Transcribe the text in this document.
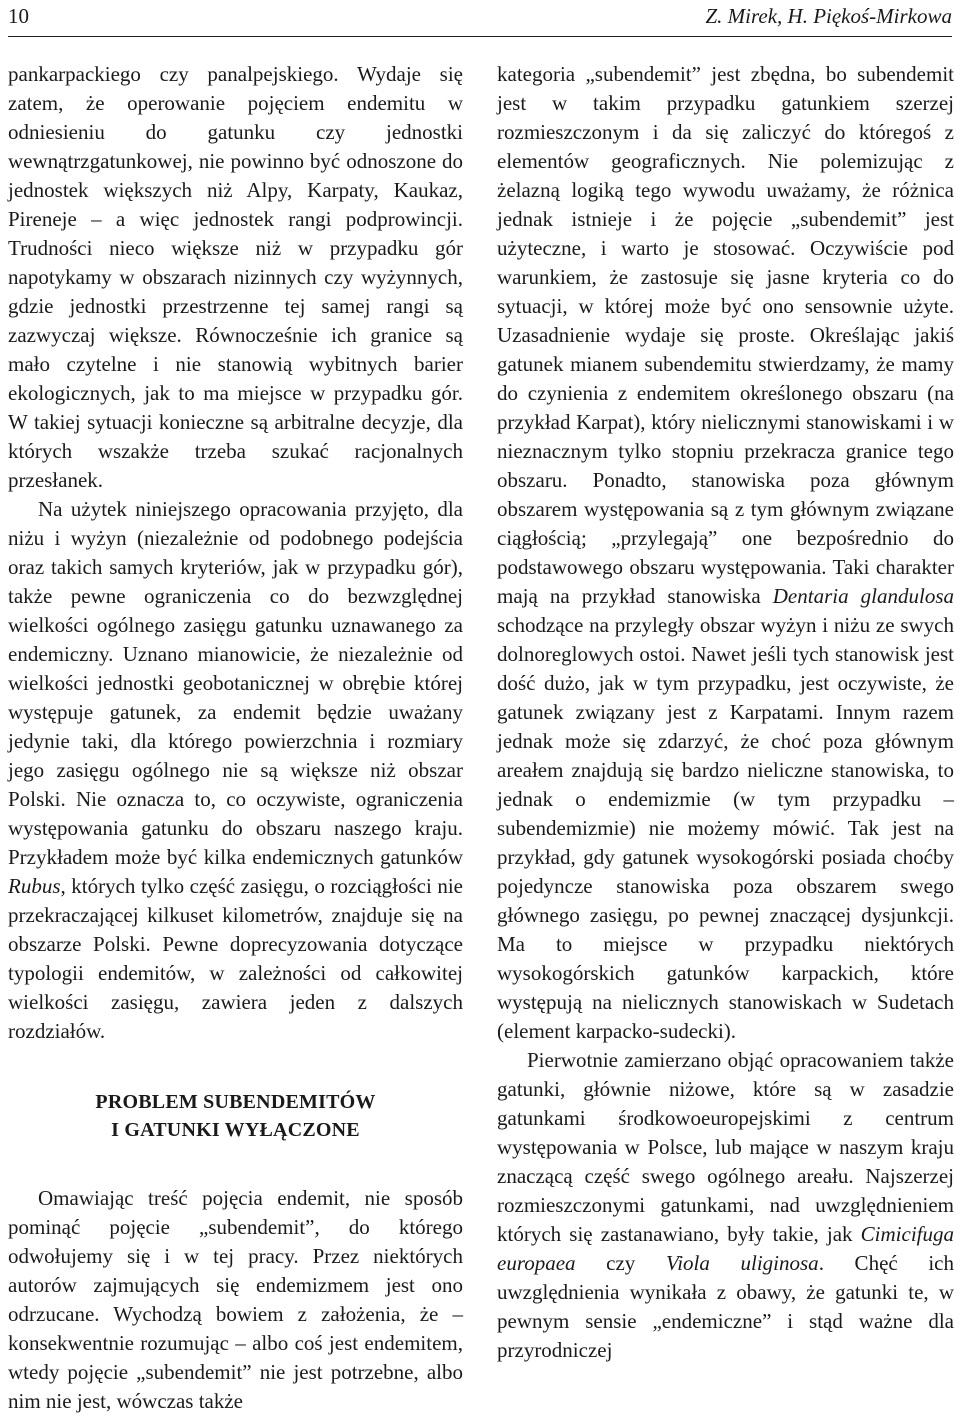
10	Z. Mirek, H. Piękoś-Mirkowa

pankarpackiego czy panalpejskiego. Wydaje się zatem, że operowanie pojęciem endemitu w odniesieniu do gatunku czy jednostki wewnątrzgatunkowej, nie powinno być odnoszone do jednostek większych niż Alpy, Karpaty, Kaukaz, Pireneje – a więc jednostek rangi podprowincji. Trudności nieco większe niż w przypadku gór napotykamy w obszarach nizinnych czy wyżynnych, gdzie jednostki przestrzenne tej samej rangi są zazwyczaj większe. Równocześnie ich granice są mało czytelne i nie stanowią wybitnych barier ekologicznych, jak to ma miejsce w przypadku gór. W takiej sytuacji konieczne są arbitralne decyzje, dla których wszakże trzeba szukać racjonalnych przesłanek.

Na użytek niniejszego opracowania przyjęto, dla niżu i wyżyn (niezależnie od podobnego podejścia oraz takich samych kryteriów, jak w przypadku gór), także pewne ograniczenia co do bezwzględnej wielkości ogólnego zasięgu gatunku uznawanego za endemiczny. Uznano mianowicie, że niezależnie od wielkości jednostki geobotanicznej w obrębie której występuje gatunek, za endemit będzie uważany jedynie taki, dla którego powierzchnia i rozmiary jego zasięgu ogólnego nie są większe niż obszar Polski. Nie oznacza to, co oczywiste, ograniczenia występowania gatunku do obszaru naszego kraju. Przykładem może być kilka endemicznych gatunków Rubus, których tylko część zasięgu, o rozciągłości nie przekraczającej kilkuset kilometrów, znajduje się na obszarze Polski. Pewne doprecyzowania dotyczące typologii endemitów, w zależności od całkowitej wielkości zasięgu, zawiera jeden z dalszych rozdziałów.

PROBLEM SUBENDEMITÓW
I GATUNKI WYŁĄCZONE

Omawiając treść pojęcia endemit, nie sposób pominąć pojęcie „subendemit”, do którego odwołujemy się i w tej pracy. Przez niektórych autorów zajmujących się endemizmem jest ono odrzucane. Wychodzą bowiem z założenia, że – konsekwentnie rozumując – albo coś jest endemitem, wtedy pojęcie „subendemit” nie jest potrzebne, albo nim nie jest, wówczas także

kategoria „subendemit” jest zbędna, bo subendemit jest w takim przypadku gatunkiem szerzej rozmieszczonym i da się zaliczyć do któregoś z elementów geograficznych. Nie polemizując z żelazną logiką tego wywodu uważamy, że różnica jednak istnieje i że pojęcie „subendemit” jest użyteczne, i warto je stosować. Oczywiście pod warunkiem, że zastosuje się jasne kryteria co do sytuacji, w której może być ono sensownie użyte. Uzasadnienie wydaje się proste. Określając jakiś gatunek mianem subendemitu stwierdzamy, że mamy do czynienia z endemitem określonego obszaru (na przykład Karpat), który nielicznymi stanowiskami i w nieznacznym tylko stopniu przekracza granice tego obszaru. Ponadto, stanowiska poza głównym obszarem występowania są z tym głównym związane ciągłością; „przylegają” one bezpośrednio do podstawowego obszaru występowania. Taki charakter mają na przykład stanowiska Dentaria glandulosa schodzące na przyległy obszar wyżyn i niżu ze swych dolnoreglowych ostoi. Nawet jeśli tych stanowisk jest dość dużo, jak w tym przypadku, jest oczywiste, że gatunek związany jest z Karpatami. Innym razem jednak może się zdarzyć, że choć poza głównym areałem znajdują się bardzo nieliczne stanowiska, to jednak o endemizmie (w tym przypadku – subendemizmie) nie możemy mówić. Tak jest na przykład, gdy gatunek wysokogórski posiada choćby pojedyncze stanowiska poza obszarem swego głównego zasięgu, po pewnej znaczącej dysjunkcji. Ma to miejsce w przypadku niektórych wysokogórskich gatunków karpackich, które występują na nielicznych stanowiskach w Sudetach (element karpacko-sudecki).

Pierwotnie zamierzano objąć opracowaniem także gatunki, głównie niżowe, które są w zasadzie gatunkami środkowoeuropejskimi z centrum występowania w Polsce, lub mające w naszym kraju znaczącą część swego ogólnego areału. Najszerzej rozmieszczonymi gatunkami, nad uwzględnieniem których się zastanawiano, były takie, jak Cimicifuga europaea czy Viola uliginosa. Chęć ich uwzględnienia wynikała z obawy, że gatunki te, w pewnym sensie „endemiczne” i stąd ważne dla przyrodniczej
